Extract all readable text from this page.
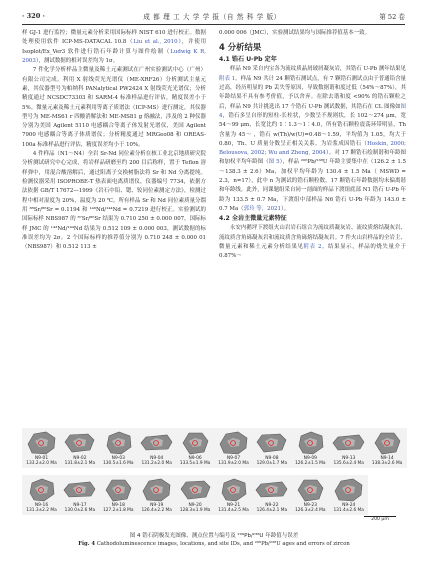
· 320 ·	成 都 理 工 大 学 学 报（自 然 科 学 版）	第 52 卷

样 GJ-1 进行监控；微量元素分析采用国际标样 NIST 610 进行校正。数据处理使用软件 ICP-MS-DATACAL 10.8（Liu et al., 2010），并使用 Isoplot/Ex_Ver3 软件进行锆石年龄计算与图件绘制（Ludwig K R, 2003），测试数据的相对误差均为 1σ。

7 件化学分析样品主微量及稀土元素测试在广州实验测试中心（广州）有限公司完成。利用 X 射线荧光光谱仪（ME-XRF26）分析测试主量元素，其仪器型号为帕纳科 PANalytical PW2424 X 射线荧光光谱仪；分析精度通过 NCSDC73303 和 SARM-4 标准样品进行评估，精度误差小于 5%。微量元素及稀土元素利用等离子质谱法（ICP-MS）进行测定，其仪器型号为 ME-MS61 r 四酸消解法和 ME-MS81 g 熔融法，涉及的 2 种仪器分别为美国 Agilent 5110 电感耦合等离子体发射光谱仪，美国 Agilent 7900 电感耦合等离子体质谱仪；分析精度通过 MRGeo08 和 OREAS-100a 标准样品进行评估，精度误差均小于 10%。

4 件样品（N1～N4）全岩 Sr-Nd 同位素分析在核工业北京地质研究院分析测试研究中心完成，将岩样品研磨至约 200 目后称样，置于 Teflon 溶样弹中，用混合酸溶解后，通过阳离子交换树脂法将 Sr 和 Nd 分离提纯。检测仪器采用 ISOPROBE-T 热表面电离质谱仪，仪器编号 7734，依据方法依据 GB/T 17672—1999《岩石中铅、锶、钕同位素测定方法》，检测过程中相对湿度为 20%，温度为 20 ℃。所有样品 Sr 和 Nd 同位素质量分馏用 ⁸⁸Sr/⁸⁶Sr = 0.1194 和 ¹⁴⁶Nd/¹⁴⁴Nd = 0.7219 进行校正。实验测试的国际标样 NBS987 的 ⁸⁷Sr/⁸⁶Sr 结果为 0.710 250 ± 0.000 007，国际标样 JMC 的 ¹⁴³Nd/¹⁴⁴Nd 结果为 0.512 109 ± 0.000 003，测试数据的标准误差均为 2σ。2 个国际标样的推荐值分别为 0.710 248 ± 0.000 01（NBS987）和 0.512 113 ±

0.000 006（JMC），实验测试结果均与国际推荐值基本一致。

4 分析结果
4.1 锆石 U-Pb 定年

样品 N9 采自内宝各为流纹质晶屑玻屑凝灰岩，其锆石 U-Pb 测年结果见附表 1。样品 N9 共计 24 颗锆石测试点，有 7 颗锆石测试点由于普通铅含量过高，经历明显的 Pb 丢失等原因，导致数据谐和度过低（54%～87%），其年龄结果不具有参考价值，予以舍弃。在除去谐和度 <90% 的锆石颗粒之后，样品 N9 共计挑选出 17 个锆石 U-Pb 测试数据，其锆石在 CL 图像如图 4，锆石多呈自形的短柱-长柱状，少数呈不规则状，长 102～274 μm，宽 54～99 μm，长宽比约 1∶1.3～1∶4.0，所有锆石颗粒震荡环带明显，Th 含量为 45～ ，锆石 w(Th)/w(U)=0.48～1.59，平均值为 1.05，均大于 0.80，Th、U 质量分数呈正相关关系，为岩浆成因锆石（Hoskin, 2000; Belousova, 2002; Wu and Zheng, 2004）。对 17 颗锆石绘制谐和年龄图和加权平均年龄图（图 5），样品 ²⁰⁶Pb/²³⁸U 年龄主要集中在（126.2 ± 1.5～138.3 ± 2.6）Ma，加权平均年龄为 130.4 ± 1.5 Ma（ MSWD = 2.3，n=17），此中 n 为测试的锆石颗粒数，17 颗锆石年龄数据均未偏离谐和年龄线。此外，同课题组采自同一剖面的样品下渡组底部 N1 锆石 U-Pb 年龄为 133.5 ± 0.7 Ma，下渡组中部样品 N6 锆石 U-Pb 年龄为 143.0 ± 0.7 Ma（郭玲 等，2021）。

4.2 全岩主微量元素特征

永安内鹅坪下渡组火山岩岩石组合为流纹质凝灰岩、流纹质熔结凝灰岩、流纹质含角砾凝灰岩和流纹质含角砾熔结凝灰岩。7 件火山岩样品的全岩主、微量元素和稀土元素分析结果见附表 2。结果显示，样品的烧失量介于 0.87%～

N9-01
133.2±2.0 Ma
N9-02
131.8±2.1 Ma
N9-03
130.5±1.6 Ma
N9-04
131.2±2.0 Ma
N9-06
133.5±1.9 Ma
N9-07
131.9±2.0 Ma
N9-08
129.0±1.7 Ma
N9-09
126.2±1.5 Ma
N9-13
135.6±2.4 Ma
N9-14
138.3±2.6 Ma
N9-16
131.3±2.2 Ma
N9-17
130.0±2.6 Ma
N9-18
127.2±1.8 Ma
N9-19
126.4±2.2 Ma
N9-20
128.3±1.9 Ma
N9-21
131.4±2.5 Ma
N9-22
126.4±2.1 Ma
N9-23
126.3±2.4 Ma
N9-24
131.4±2.6 Ma
200 μm
图 4 锆石阴极发光图像、测点位置与编号及 ²⁰⁶Pb/²³⁸U 年龄值与误差
Fig. 4 Cathodoluminescence images, locations, and site IDs, and ²⁰⁶Pb/²³⁸U ages and errors of zircon
